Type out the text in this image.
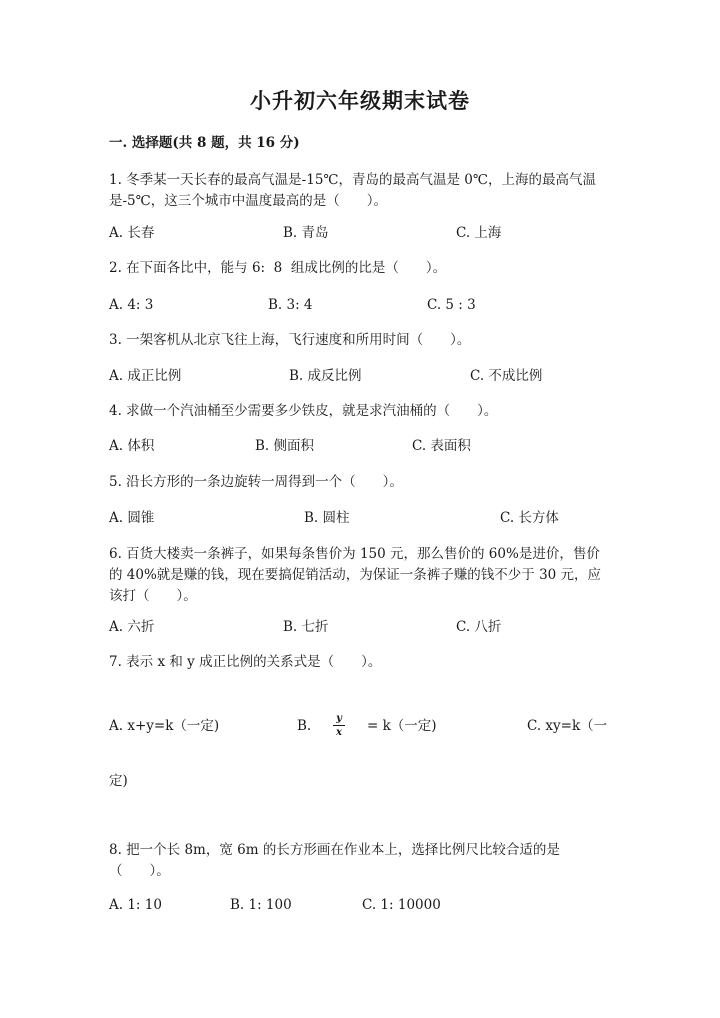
小升初六年级期末试卷
一. 选择题(共 8 题，共 16 分)
1. 冬季某一天长春的最高气温是-15℃，青岛的最高气温是 0℃，上海的最高气温是-5℃，这三个城市中温度最高的是（　　）。
A. 长春	B. 青岛	C. 上海
2. 在下面各比中，能与 6:  8  组成比例的比是（　　）。
A. 4: 3	B. 3: 4	C. 5 : 3
3. 一架客机从北京飞往上海，飞行速度和所用时间（　　）。
A. 成正比例	B. 成反比例	C. 不成比例
4. 求做一个汽油桶至少需要多少铁皮，就是求汽油桶的（　　）。
A. 体积	B. 侧面积	C. 表面积
5. 沿长方形的一条边旋转一周得到一个（　　）。
A. 圆锥	B. 圆柱	C. 长方体
6. 百货大楼卖一条裤子，如果每条售价为 150 元，那么售价的 60%是进价，售价的 40%就是赚的钱，现在要搞促销活动，为保证一条裤子赚的钱不少于 30 元，应该打（　　）。
A. 六折	B. 七折	C. 八折
7. 表示 x 和 y 成正比例的关系式是（　　）。
A. x+y=k（一定)	B.	y
x = k（一定)	C. xy=k（一
定)
8. 把一个长 8m，宽 6m 的长方形画在作业本上，选择比例尺比较合适的是（　　）。
A. 1: 10	B. 1: 100	C. 1: 10000
